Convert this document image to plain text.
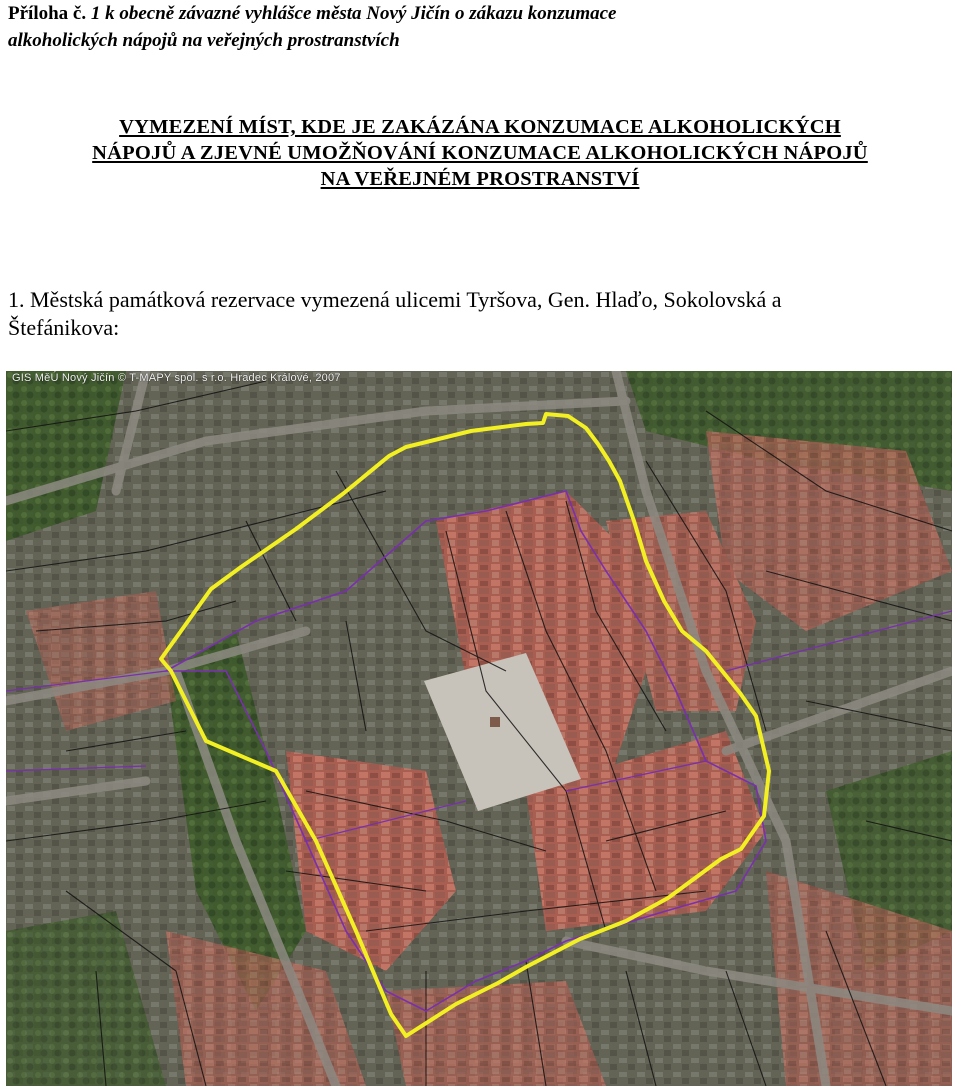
Příloha č. 1 k obecně závazné vyhlášce města Nový Jičín o zákazu konzumace
alkoholických nápojů na veřejných prostranstvích
VYMEZENÍ MÍST, KDE JE ZAKÁZÁNA KONZUMACE ALKOHOLICKÝCH
NÁPOJŮ A ZJEVNÉ UMOŽŇOVÁNÍ KONZUMACE ALKOHOLICKÝCH NÁPOJŮ
NA VEŘEJNÉM PROSTRANSTVÍ
1. Městská památková rezervace vymezená ulicemi Tyršova, Gen. Hlaďo, Sokolovská a
Štefánikova:
GIS MěÚ Nový Jičín © T-MAPY spol. s r.o. Hradec Králové, 2007
